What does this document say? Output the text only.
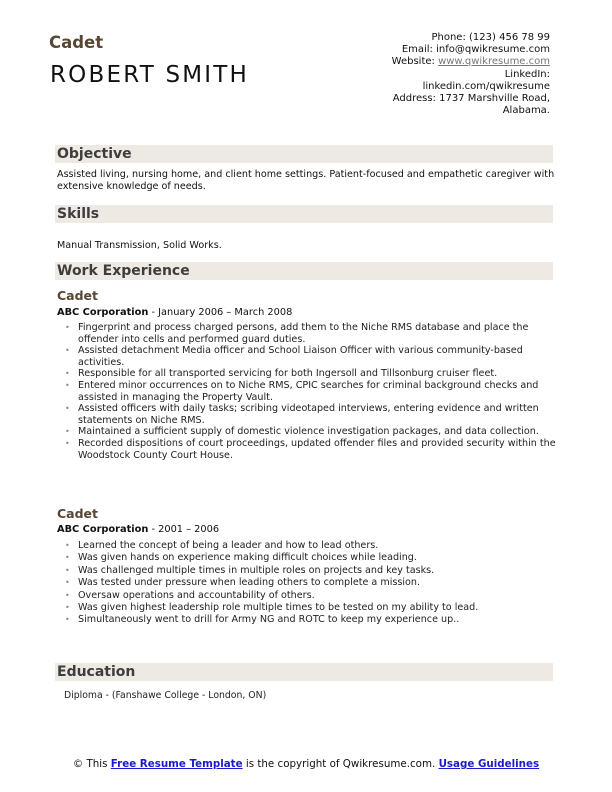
Cadet
ROBERT SMITH
Phone: (123) 456 78 99
Email: info@qwikresume.com
Website: www.qwikresume.com
LinkedIn:
linkedin.com/qwikresume
Address: 1737 Marshville Road,
Alabama.
Objective
Assisted living, nursing home, and client home settings. Patient-focused and empathetic caregiver with extensive knowledge of needs.
Skills
Manual Transmission, Solid Works.
Work Experience
Cadet
ABC Corporation - January 2006 – March 2008
• Fingerprint and process charged persons, add them to the Niche RMS database and place the offender into cells and performed guard duties.
• Assisted detachment Media officer and School Liaison Officer with various community-based activities.
• Responsible for all transported servicing for both Ingersoll and Tillsonburg cruiser fleet.
• Entered minor occurrences on to Niche RMS, CPIC searches for criminal background checks and assisted in managing the Property Vault.
• Assisted officers with daily tasks; scribing videotaped interviews, entering evidence and written statements on Niche RMS.
• Maintained a sufficient supply of domestic violence investigation packages, and data collection.
• Recorded dispositions of court proceedings, updated offender files and provided security within the Woodstock County Court House.
Cadet
ABC Corporation - 2001 – 2006
• Learned the concept of being a leader and how to lead others.
• Was given hands on experience making difficult choices while leading.
• Was challenged multiple times in multiple roles on projects and key tasks.
• Was tested under pressure when leading others to complete a mission.
• Oversaw operations and accountability of others.
• Was given highest leadership role multiple times to be tested on my ability to lead.
• Simultaneously went to drill for Army NG and ROTC to keep my experience up..
Education
Diploma - (Fanshawe College - London, ON)
© This Free Resume Template is the copyright of Qwikresume.com. Usage Guidelines
